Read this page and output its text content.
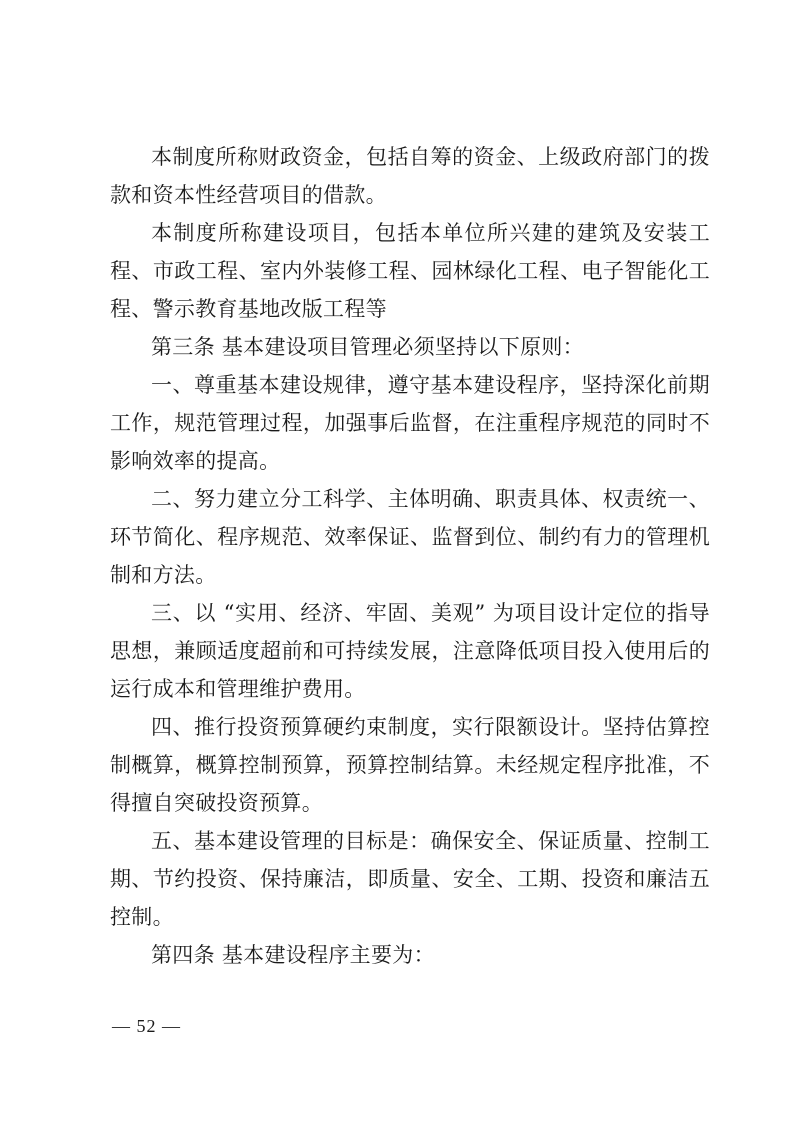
本制度所称财政资金，包括自筹的资金、上级政府部门的拨款和资本性经营项目的借款。

本制度所称建设项目，包括本单位所兴建的建筑及安装工程、市政工程、室内外装修工程、园林绿化工程、电子智能化工程、警示教育基地改版工程等

第三条 基本建设项目管理必须坚持以下原则：

一、尊重基本建设规律，遵守基本建设程序，坚持深化前期工作，规范管理过程，加强事后监督，在注重程序规范的同时不影响效率的提高。

二、努力建立分工科学、主体明确、职责具体、权责统一、环节简化、程序规范、效率保证、监督到位、制约有力的管理机制和方法。

三、以 “实用、经济、牢固、美观” 为项目设计定位的指导思想，兼顾适度超前和可持续发展，注意降低项目投入使用后的运行成本和管理维护费用。

四、推行投资预算硬约束制度，实行限额设计。坚持估算控制概算，概算控制预算，预算控制结算。未经规定程序批准，不得擅自突破投资预算。

五、基本建设管理的目标是：确保安全、保证质量、控制工期、节约投资、保持廉洁，即质量、安全、工期、投资和廉洁五控制。

第四条 基本建设程序主要为：

— 52 —
